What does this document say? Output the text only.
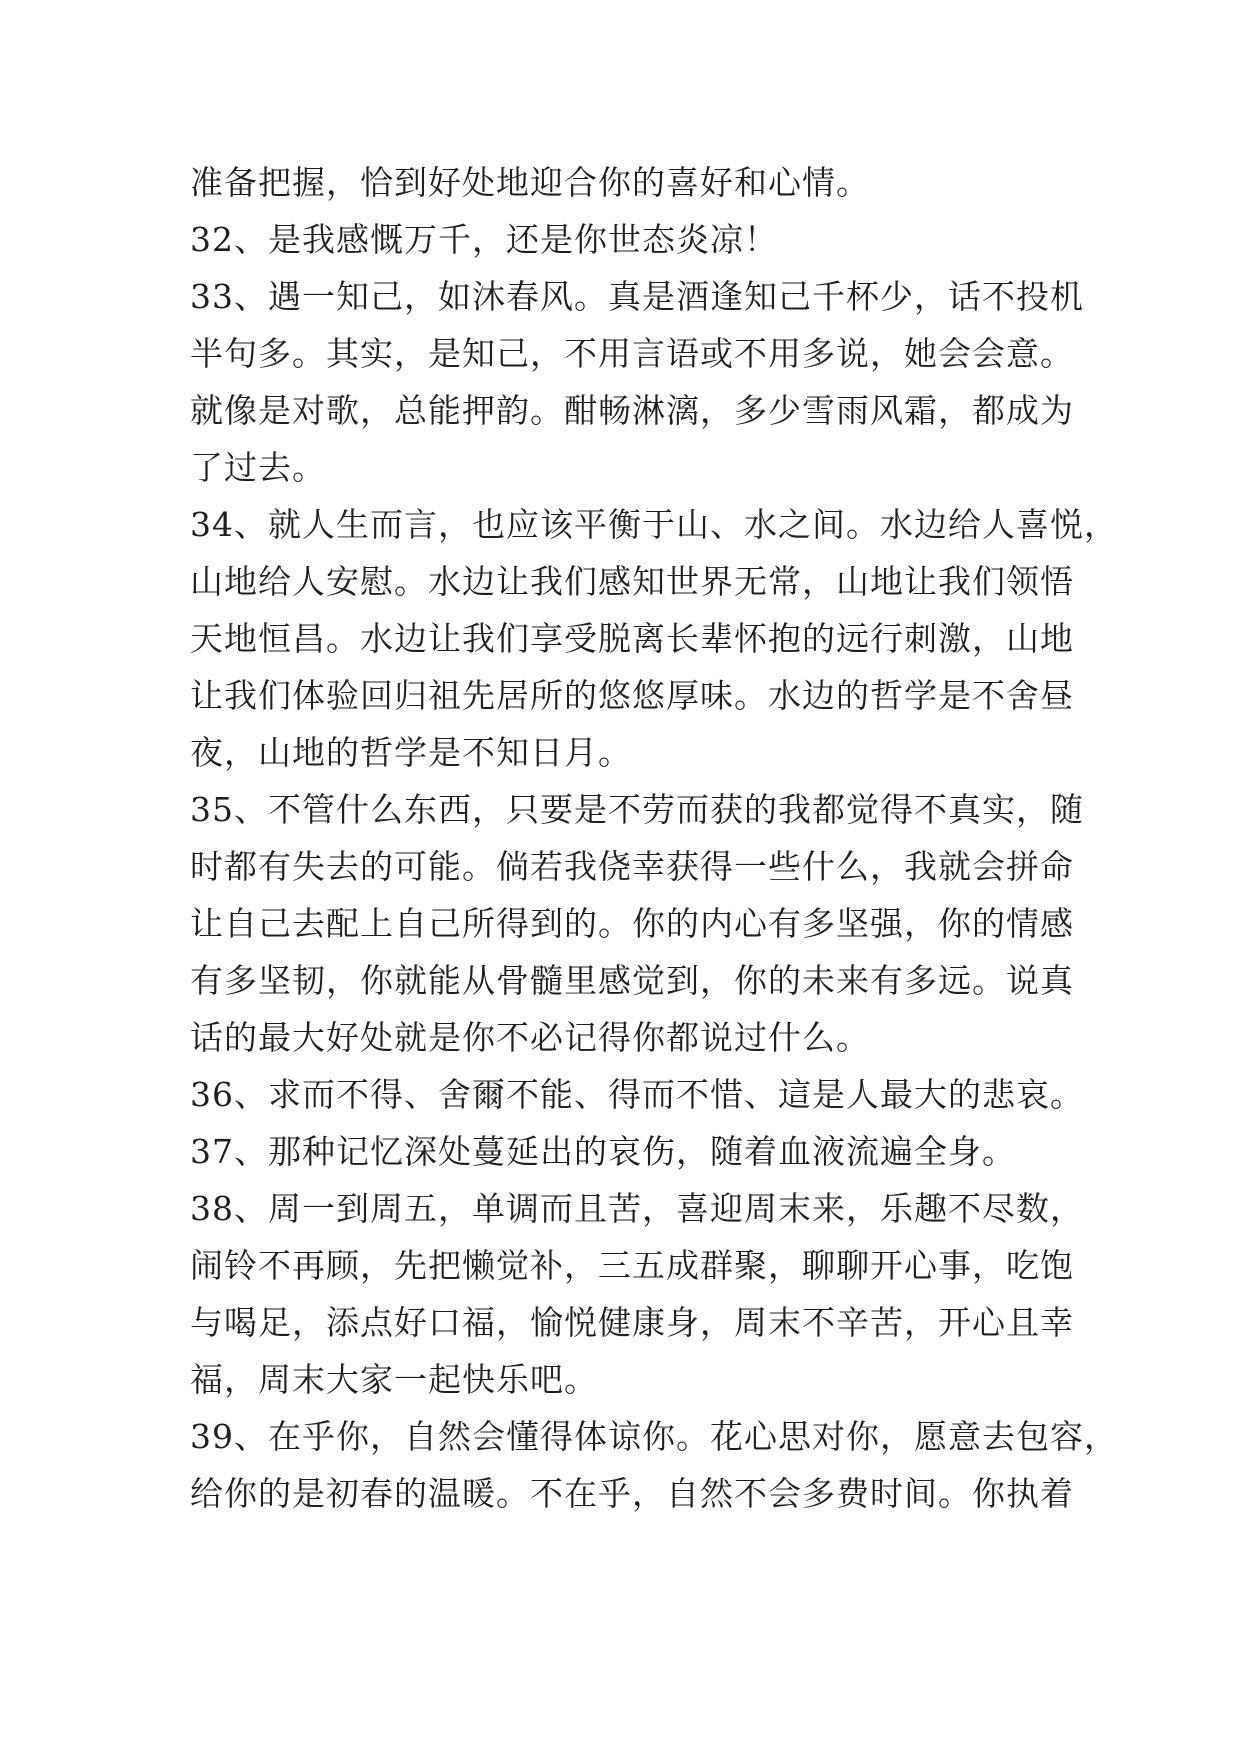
准备把握，恰到好处地迎合你的喜好和心情。
32、是我感慨万千，还是你世态炎凉！
33、遇一知己，如沐春风。真是酒逢知己千杯少，话不投机
半句多。其实，是知己，不用言语或不用多说，她会会意。
就像是对歌，总能押韵。酣畅淋漓，多少雪雨风霜，都成为
了过去。
34、就人生而言，也应该平衡于山、水之间。水边给人喜悦，
山地给人安慰。水边让我们感知世界无常，山地让我们领悟
天地恒昌。水边让我们享受脱离长辈怀抱的远行刺激，山地
让我们体验回归祖先居所的悠悠厚味。水边的哲学是不舍昼
夜，山地的哲学是不知日月。
35、不管什么东西，只要是不劳而获的我都觉得不真实，随
时都有失去的可能。倘若我侥幸获得一些什么，我就会拼命
让自己去配上自己所得到的。你的内心有多坚强，你的情感
有多坚韧，你就能从骨髓里感觉到，你的未来有多远。说真
话的最大好处就是你不必记得你都说过什么。
36、求而不得、舍爾不能、得而不惜、這是人最大的悲哀。
37、那种记忆深处蔓延出的哀伤，随着血液流遍全身。
38、周一到周五，单调而且苦，喜迎周末来，乐趣不尽数，
闹铃不再顾，先把懒觉补，三五成群聚，聊聊开心事，吃饱
与喝足，添点好口福，愉悦健康身，周末不辛苦，开心且幸
福，周末大家一起快乐吧。
39、在乎你，自然会懂得体谅你。花心思对你，愿意去包容，
给你的是初春的温暖。不在乎，自然不会多费时间。你执着
